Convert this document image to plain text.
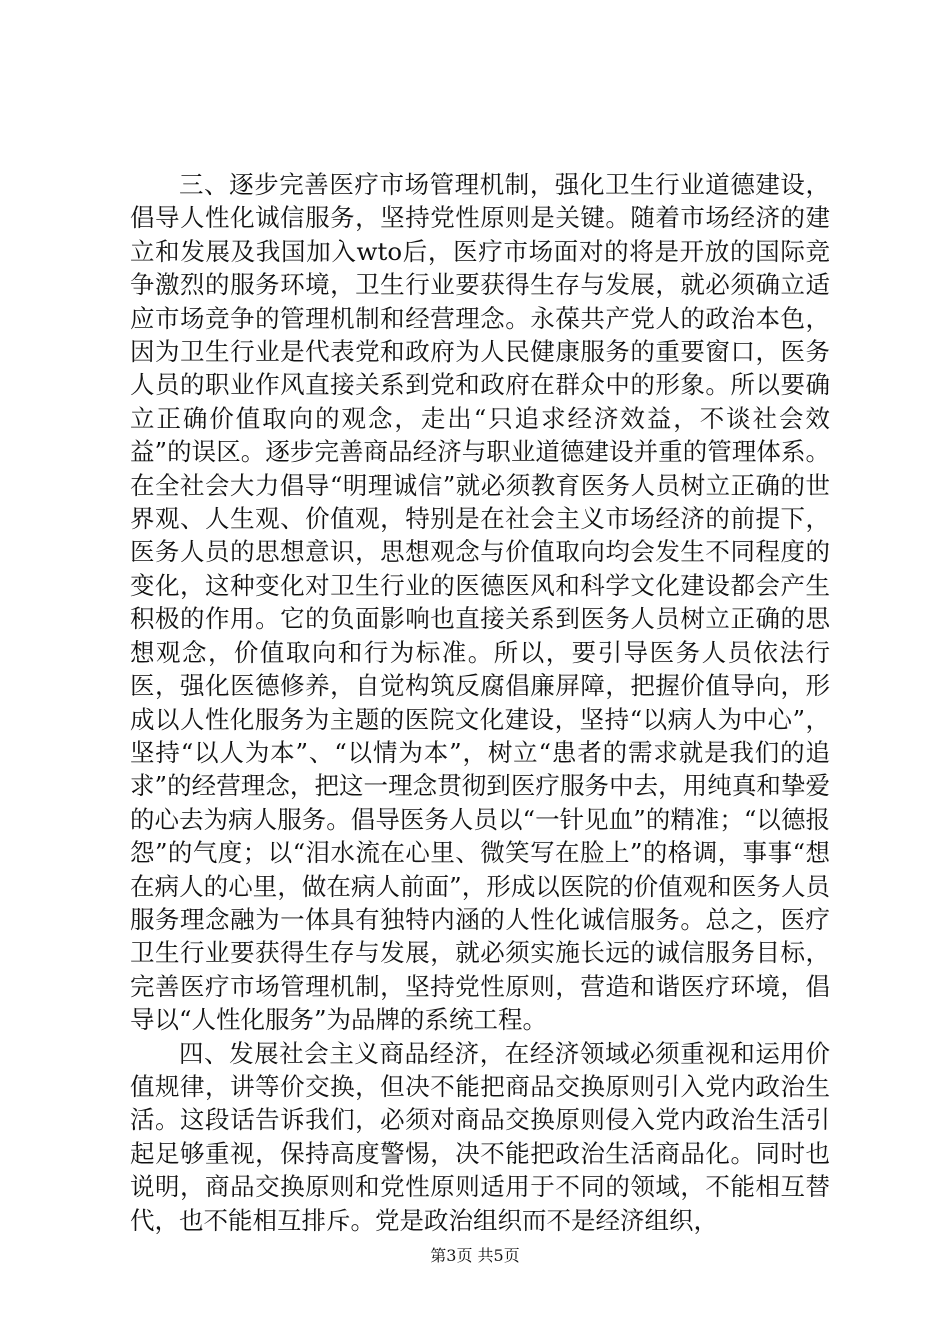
三、逐步完善医疗市场管理机制，强化卫生行业道德建设，倡导人性化诚信服务，坚持党性原则是关键。随着市场经济的建立和发展及我国加入wto后，医疗市场面对的将是开放的国际竞争激烈的服务环境，卫生行业要获得生存与发展，就必须确立适应市场竞争的管理机制和经营理念。永葆共产党人的政治本色，因为卫生行业是代表党和政府为人民健康服务的重要窗口，医务人员的职业作风直接关系到党和政府在群众中的形象。所以要确立正确价值取向的观念，走出“只追求经济效益，不谈社会效益”的误区。逐步完善商品经济与职业道德建设并重的管理体系。在全社会大力倡导“明理诚信”就必须教育医务人员树立正确的世界观、人生观、价值观，特别是在社会主义市场经济的前提下，医务人员的思想意识，思想观念与价值取向均会发生不同程度的变化，这种变化对卫生行业的医德医风和科学文化建设都会产生积极的作用。它的负面影响也直接关系到医务人员树立正确的思想观念，价值取向和行为标准。所以，要引导医务人员依法行医，强化医德修养，自觉构筑反腐倡廉屏障，把握价值导向，形成以人性化服务为主题的医院文化建设，坚持“以病人为中心”，坚持“以人为本”、“以情为本”，树立“患者的需求就是我们的追求”的经营理念，把这一理念贯彻到医疗服务中去，用纯真和挚爱的心去为病人服务。倡导医务人员以“一针见血”的精准；“以德报怨”的气度；以“泪水流在心里、微笑写在脸上”的格调，事事“想在病人的心里，做在病人前面”，形成以医院的价值观和医务人员服务理念融为一体具有独特内涵的人性化诚信服务。总之，医疗卫生行业要获得生存与发展，就必须实施长远的诚信服务目标，完善医疗市场管理机制，坚持党性原则，营造和谐医疗环境，倡导以“人性化服务”为品牌的系统工程。

四、发展社会主义商品经济，在经济领域必须重视和运用价值规律，讲等价交换，但决不能把商品交换原则引入党内政治生活。这段话告诉我们，必须对商品交换原则侵入党内政治生活引起足够重视，保持高度警惕，决不能把政治生活商品化。同时也说明，商品交换原则和党性原则适用于不同的领域，不能相互替代，也不能相互排斥。党是政治组织而不是经济组织，

第3页 共5页
